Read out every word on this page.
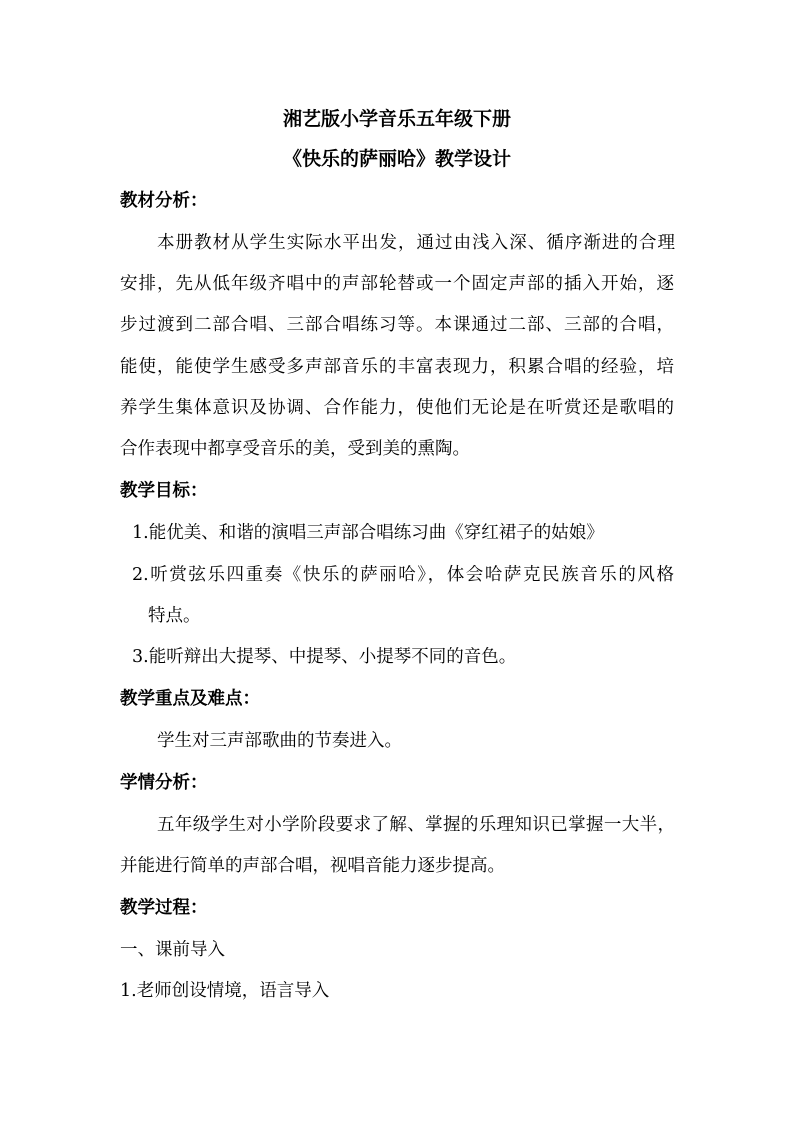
湘艺版小学音乐五年级下册
《快乐的萨丽哈》教学设计
教材分析：
本册教材从学生实际水平出发，通过由浅入深、循序渐进的合理
安排，先从低年级齐唱中的声部轮替或一个固定声部的插入开始，逐
步过渡到二部合唱、三部合唱练习等。本课通过二部、三部的合唱，
能使，能使学生感受多声部音乐的丰富表现力，积累合唱的经验，培
养学生集体意识及协调、合作能力，使他们无论是在听赏还是歌唱的
合作表现中都享受音乐的美，受到美的熏陶。
教学目标：
1.能优美、和谐的演唱三声部合唱练习曲《穿红裙子的姑娘》
2.听赏弦乐四重奏《快乐的萨丽哈》，体会哈萨克民族音乐的风格
特点。
3.能听辩出大提琴、中提琴、小提琴不同的音色。
教学重点及难点：
学生对三声部歌曲的节奏进入。
学情分析：
五年级学生对小学阶段要求了解、掌握的乐理知识已掌握一大半，
并能进行简单的声部合唱，视唱音能力逐步提高。
教学过程：
一、课前导入
1.老师创设情境，语言导入
